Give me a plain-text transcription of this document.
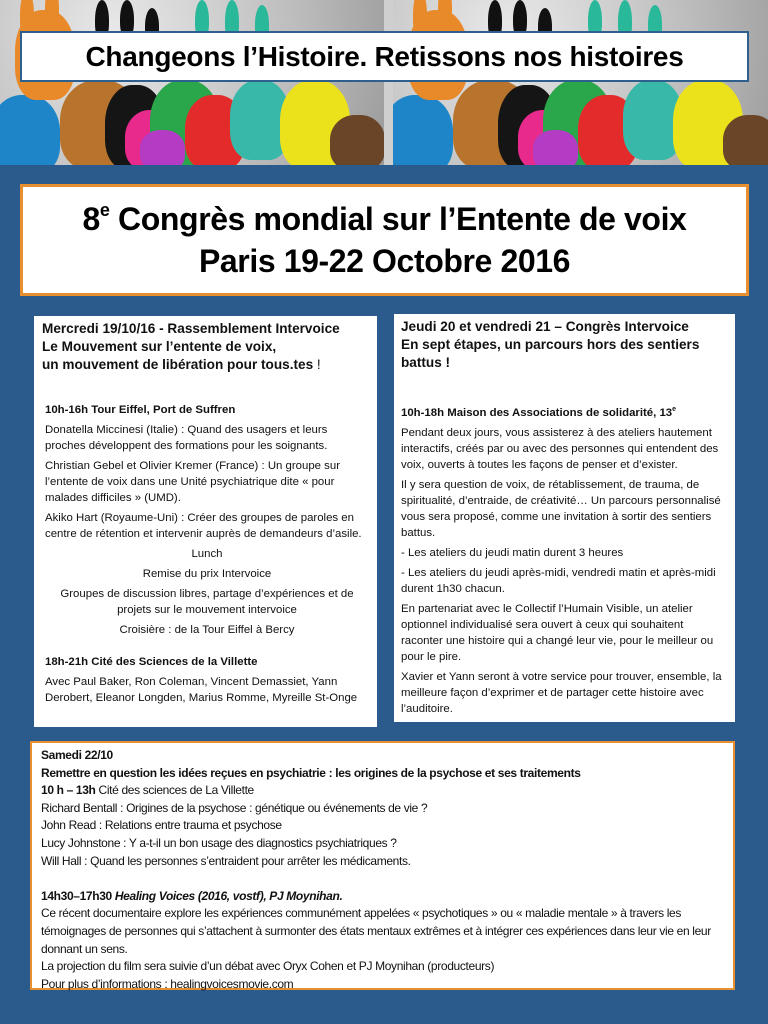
Changeons l’Histoire. Retissons nos histoires
8e Congrès mondial sur l’Entente de voix
Paris 19-22 Octobre 2016
Mercredi 19/10/16 - Rassemblement Intervoice
Le Mouvement sur l’entente de voix,
un mouvement de libération pour tous.tes !
10h-16h Tour Eiffel, Port de Suffren
Donatella Miccinesi (Italie) : Quand des usagers et leurs proches développent des formations pour les soignants.
Christian Gebel et Olivier Kremer (France) : Un groupe sur l’entente de voix dans une Unité psychiatrique dite « pour malades difficiles » (UMD).
Akiko Hart (Royaume-Uni) : Créer des groupes de paroles en centre de rétention et intervenir auprès de demandeurs d’asile.
Lunch
Remise du prix Intervoice
Groupes de discussion libres, partage d’expériences et de projets sur le mouvement intervoice
Croisière : de la Tour Eiffel à Bercy
18h-21h Cité des Sciences de la Villette
Avec Paul Baker, Ron Coleman, Vincent Demassiet, Yann Derobert, Eleanor Longden, Marius Romme, Myreille St-Onge
Jeudi 20 et vendredi 21 – Congrès Intervoice
En sept étapes, un parcours hors des sentiers battus !
10h-18h Maison des Associations de solidarité, 13e
Pendant deux jours, vous assisterez à des ateliers hautement interactifs, créés par ou avec des personnes qui entendent des voix, ouverts à toutes les façons de penser et d’exister.
Il y sera question de voix, de rétablissement, de trauma, de spiritualité, d’entraide, de créativité… Un parcours personnalisé vous sera proposé, comme une invitation à sortir des sentiers battus.
- Les ateliers du jeudi matin durent 3 heures
- Les ateliers du jeudi après-midi, vendredi matin et après-midi durent 1h30 chacun.
En partenariat avec le Collectif l’Humain Visible, un atelier optionnel individualisé sera ouvert à ceux qui souhaitent raconter une histoire qui a changé leur vie, pour le meilleur ou pour le pire.
Xavier et Yann seront à votre service pour trouver, ensemble, la meilleure façon d’exprimer et de partager cette histoire avec l’auditoire.
Samedi 22/10
Remettre en question les idées reçues en psychiatrie : les origines de la psychose et ses traitements
10 h – 13h Cité des sciences de La Villette
Richard Bentall : Origines de la psychose : génétique ou événements de vie ?
John Read : Relations entre trauma et psychose
Lucy Johnstone : Y a-t-il un bon usage des diagnostics psychiatriques ?
Will Hall : Quand les personnes s’entraident pour arrêter les médicaments.
14h30–17h30 Healing Voices (2016, vostf), PJ Moynihan.
Ce récent documentaire explore les expériences communément appelées « psychotiques » ou « maladie mentale » à travers les témoignages de personnes qui s’attachent à surmonter des états mentaux extrêmes et à intégrer ces expériences dans leur vie en leur donnant un sens.
La projection du film sera suivie d’un débat avec Oryx Cohen et PJ Moynihan (producteurs)
Pour plus d’informations : healingvoicesmovie.com
